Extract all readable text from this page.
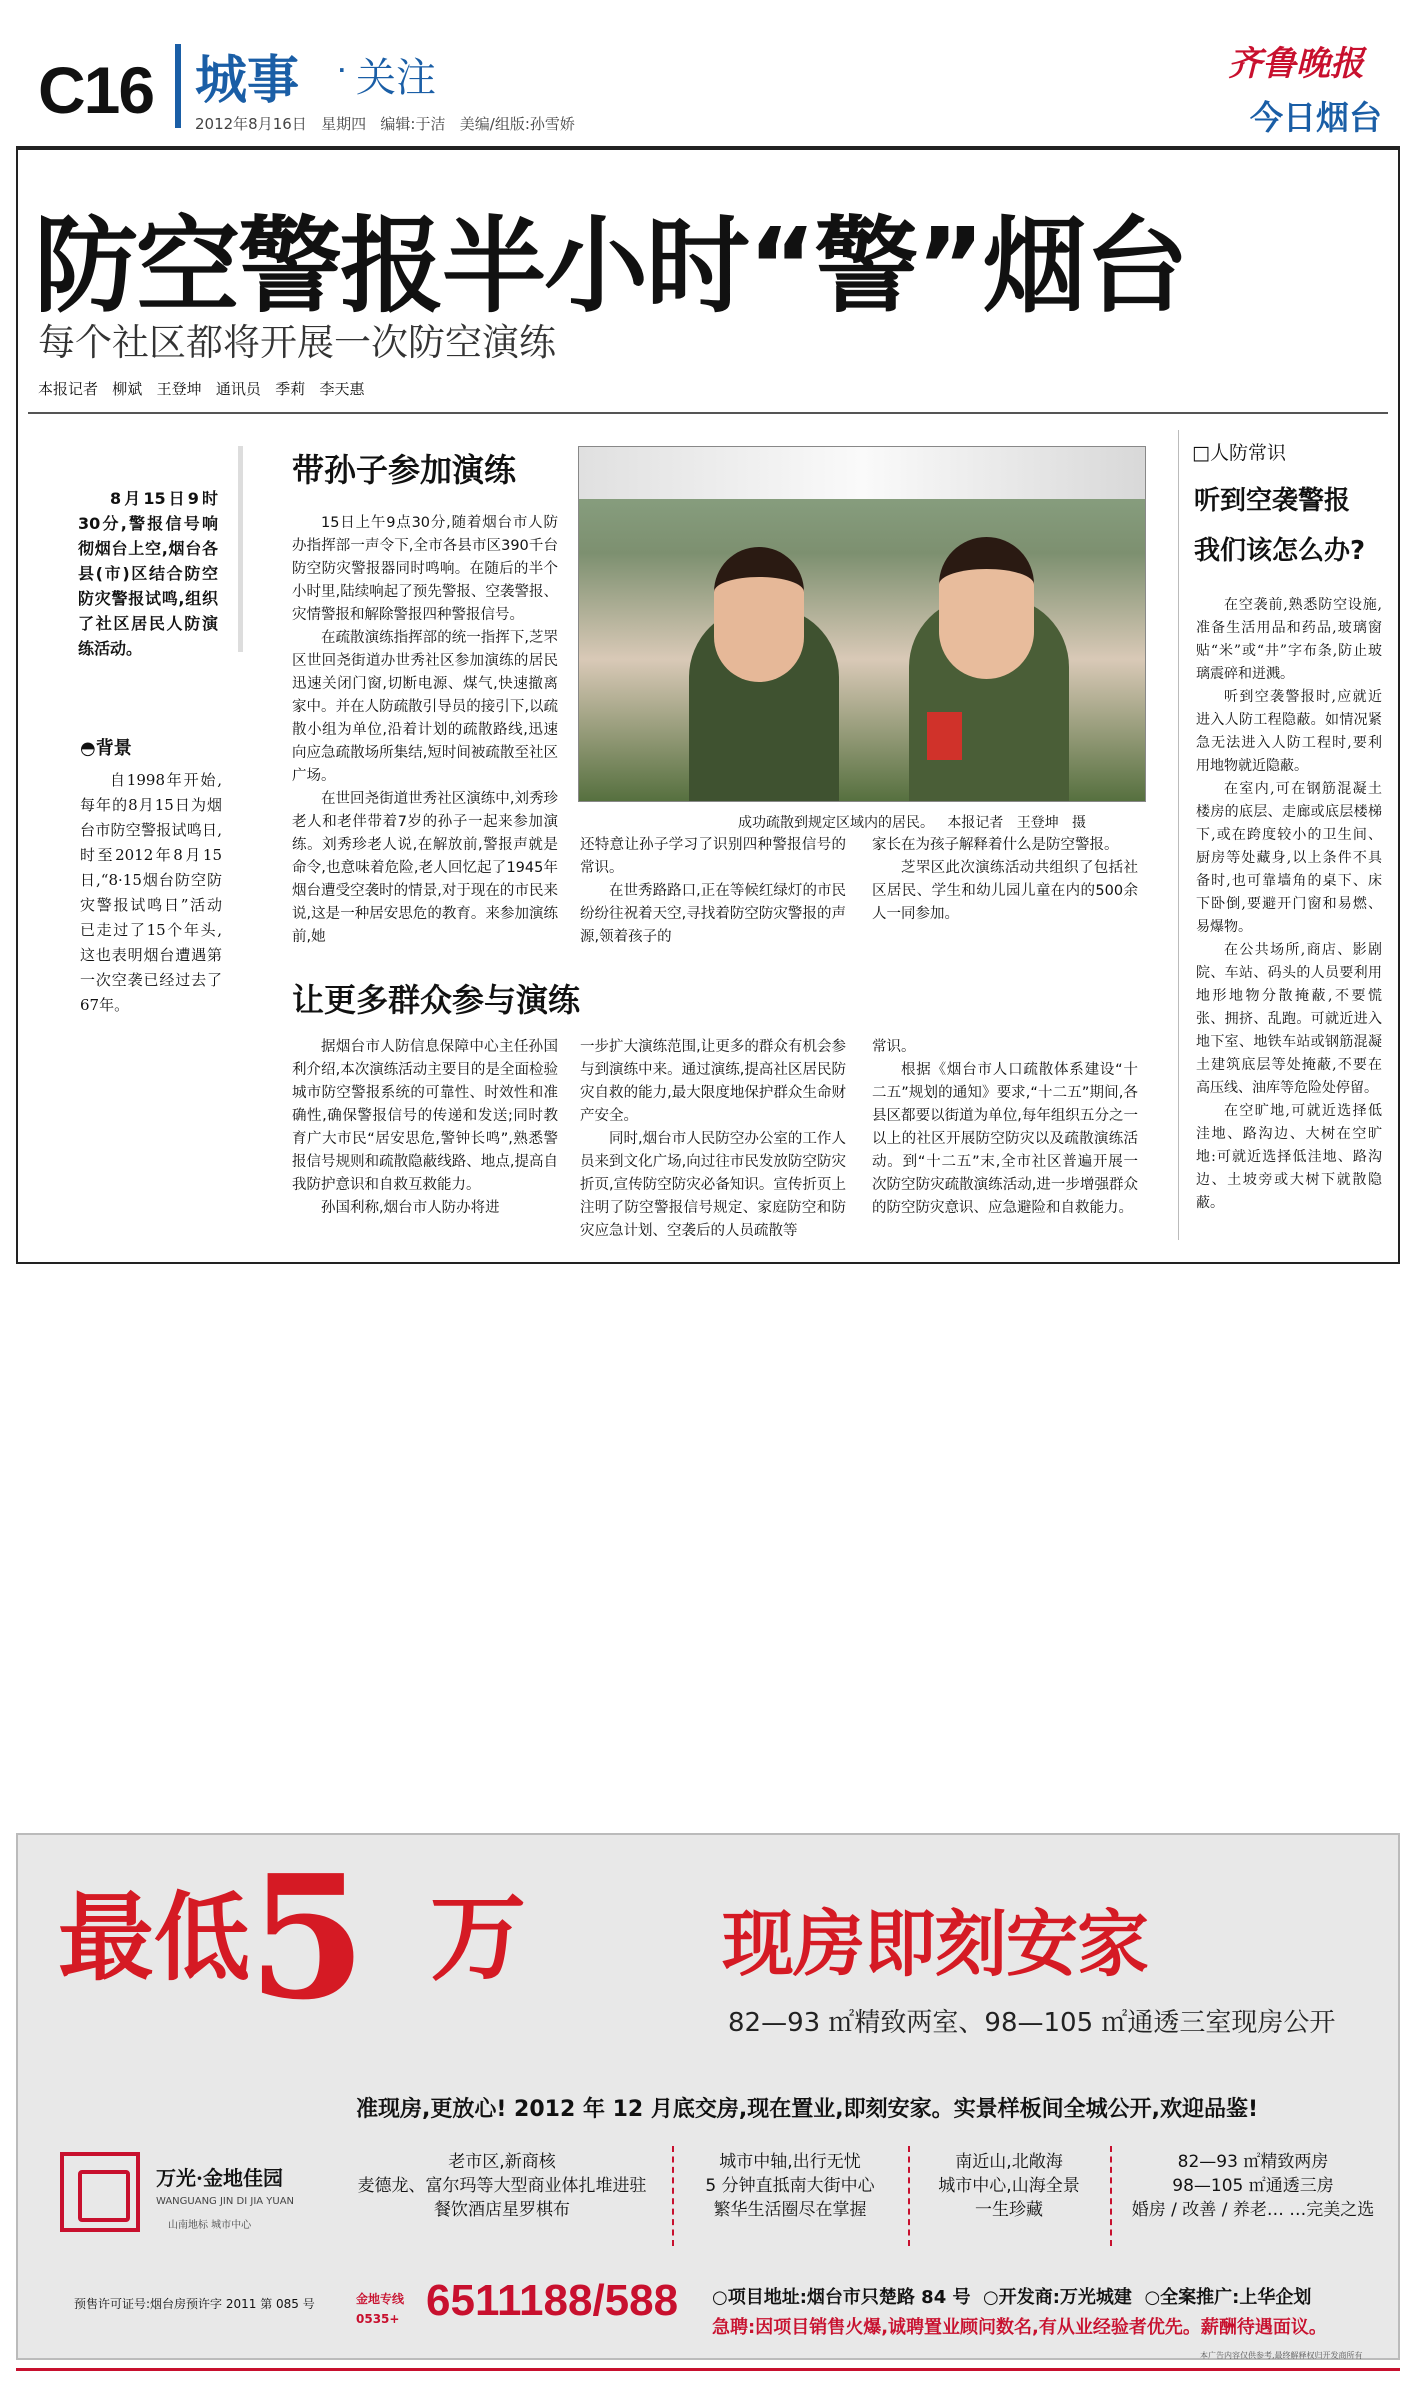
C16 城事 · 关注
2012年8月16日   星期四   编辑:于洁   美编/组版:孙雪娇
齐鲁晚报
今日烟台
防空警报半小时“警”烟台
每个社区都将开展一次防空演练
本报记者   柳斌   王登坤   通讯员   季莉   李天惠
8月15日9时30分,警报信号响彻烟台上空,烟台各县(市)区结合防空防灾警报试鸣,组织了社区居民人防演练活动。
◓背景
自1998年开始,每年的8月15日为烟台市防空警报试鸣日,时至2012年8月15日,“8·15烟台防空防灾警报试鸣日”活动已走过了15个年头,这也表明烟台遭遇第一次空袭已经过去了67年。
带孙子参加演练

15日上午9点30分,随着烟台市人防办指挥部一声令下,全市各县市区390千台防空防灾警报器同时鸣响。在随后的半个小时里,陆续响起了预先警报、空袭警报、灾情警报和解除警报四种警报信号。

在疏散演练指挥部的统一指挥下,芝罘区世回尧街道办世秀社区参加演练的居民迅速关闭门窗,切断电源、煤气,快速撤离家中。并在人防疏散引导员的接引下,以疏散小组为单位,沿着计划的疏散路线,迅速向应急疏散场所集结,短时间被疏散至社区广场。

在世回尧街道世秀社区演练中,刘秀珍老人和老伴带着7岁的孙子一起来参加演练。刘秀珍老人说,在解放前,警报声就是命令,也意味着危险,老人回忆起了1945年烟台遭受空袭时的情景,对于现在的市民来说,这是一种居安思危的教育。来参加演练前,她

成功疏散到规定区域内的居民。   本报记者   王登坤   摄

还特意让孙子学习了识别四种警报信号的常识。

在世秀路路口,正在等候红绿灯的市民纷纷往祝着天空,寻找着防空防灾警报的声源,领着孩子的

家长在为孩子解释着什么是防空警报。

芝罘区此次演练活动共组织了包括社区居民、学生和幼儿园儿童在内的500余人一同参加。

让更多群众参与演练

据烟台市人防信息保障中心主任孙国利介绍,本次演练活动主要目的是全面检验城市防空警报系统的可靠性、时效性和准确性,确保警报信号的传递和发送;同时教育广大市民“居安思危,警钟长鸣”,熟悉警报信号规则和疏散隐蔽线路、地点,提高自我防护意识和自救互救能力。

孙国利称,烟台市人防办将进

一步扩大演练范围,让更多的群众有机会参与到演练中来。通过演练,提高社区居民防灾自救的能力,最大限度地保护群众生命财产安全。

同时,烟台市人民防空办公室的工作人员来到文化广场,向过往市民发放防空防灾折页,宣传防空防灾必备知识。宣传折页上注明了防空警报信号规定、家庭防空和防灾应急计划、空袭后的人员疏散等

常识。

根据《烟台市人口疏散体系建设“十二五”规划的通知》要求,“十二五”期间,各县区都要以街道为单位,每年组织五分之一以上的社区开展防空防灾以及疏散演练活动。到“十二五”末,全市社区普遍开展一次防空防灾疏散演练活动,进一步增强群众的防空防灾意识、应急避险和自救能力。

□人防常识
听到空袭警报
我们该怎么办?

在空袭前,熟悉防空设施,准备生活用品和药品,玻璃窗贴“米”或“井”字布条,防止玻璃震碎和迸溅。

听到空袭警报时,应就近进入人防工程隐蔽。如情况紧急无法进入人防工程时,要利用地物就近隐蔽。

在室内,可在钢筋混凝土楼房的底层、走廊或底层楼梯下,或在跨度较小的卫生间、厨房等处藏身,以上条件不具备时,也可靠墙角的桌下、床下卧倒,要避开门窗和易燃、易爆物。

在公共场所,商店、影剧院、车站、码头的人员要利用地形地物分散掩蔽,不要慌张、拥挤、乱跑。可就近进入地下室、地铁车站或钢筋混凝土建筑底层等处掩蔽,不要在高压线、油库等危险处停留。

在空旷地,可就近选择低洼地、路沟边、大树在空旷地:可就近选择低洼地、路沟边、土坡旁或大树下就散隐蔽。

最低
5 万	现房即刻安家
82—93 ㎡精致两室、98—105 ㎡通透三室现房公开
准现房,更放心! 2012 年 12 月底交房,现在置业,即刻安家。实景样板间全城公开,欢迎品鉴!
万光·金地佳园
WANGUANG JIN DI JIA YUAN
山南地标 城市中心
老市区,新商核
麦德龙、富尔玛等大型商业体扎堆进驻
餐饮酒店星罗棋布
城市中轴,出行无忧
5 分钟直抵南大街中心
繁华生活圈尽在掌握
南近山,北敞海
城市中心,山海全景
一生珍藏
82—93 ㎡精致两房
98—105 ㎡通透三房
婚房 / 改善 / 养老… …完美之选
预售许可证号:烟台房预许字 2011 第 085 号	金地专线
0535+ 6511188/588 ○项目地址:烟台市只楚路 84 号  ○开发商:万光城建  ○全案推广:上华企划
急聘:因项目销售火爆,诚聘置业顾问数名,有从业经验者优先。薪酬待遇面议。
本广告内容仅供参考,最终解释权归开发商所有
